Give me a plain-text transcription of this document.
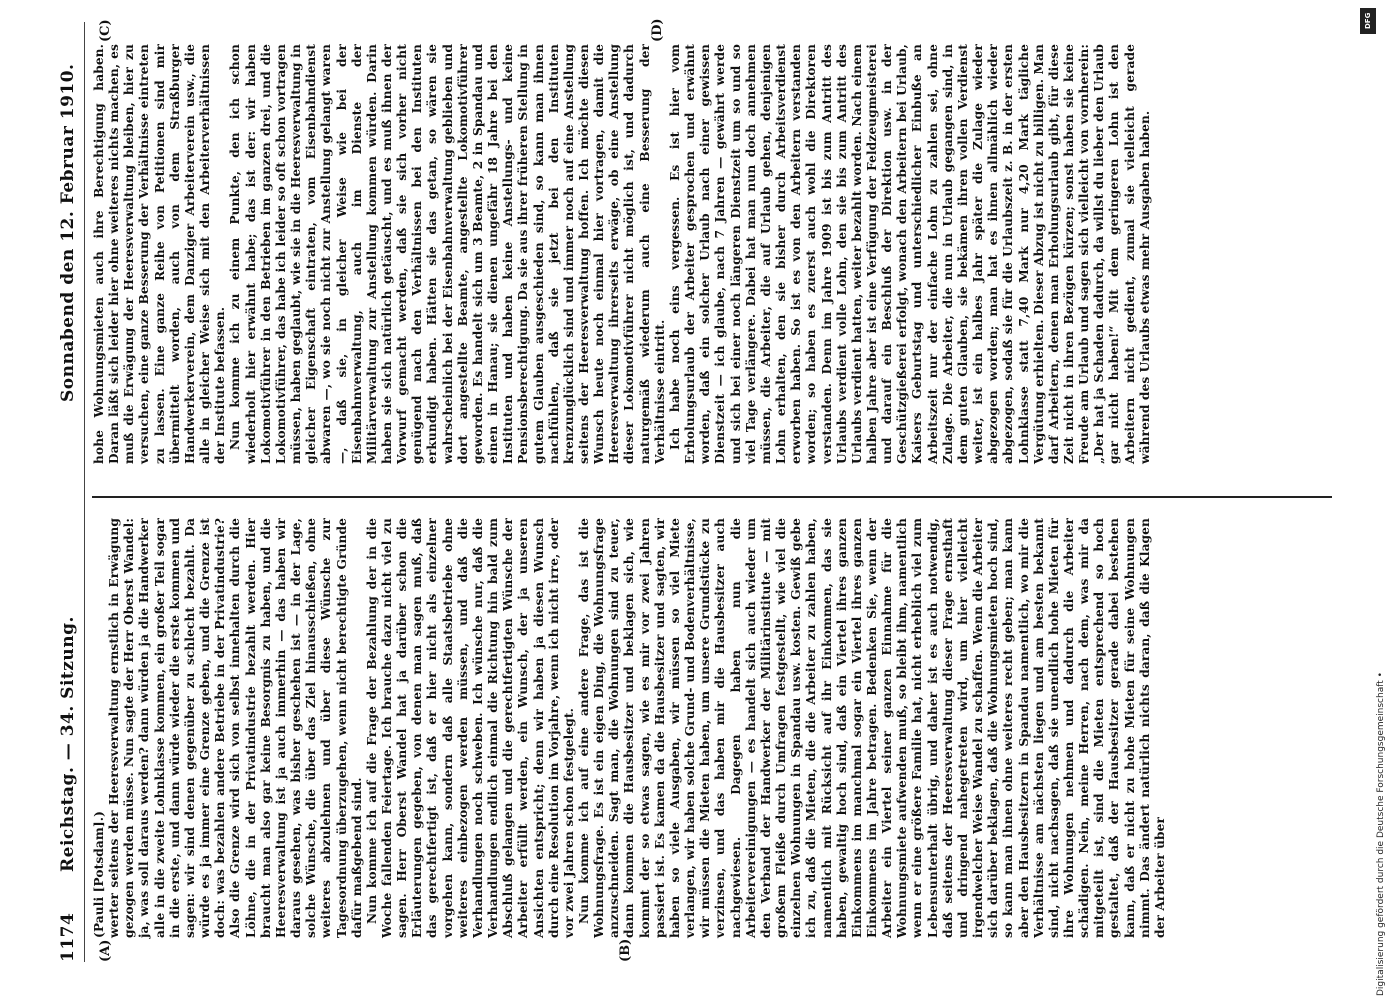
1174
Reichstag. — 34. Sitzung.
Sonnabend den 12. Februar 1910.
(A)	(B)
(C)	(D)

(Pauli [Potsdam].) werter seitens der Heeresverwaltung ernstlich in Erwägung gezogen werden müsse. Nun sagte der Herr Oberst Wandel: ja, was soll daraus werden? dann würden ja die Handwerker alle in die zweite Lohnklasse kommen, ein großer Teil sogar in die erste, und dann würde wieder die erste kommen und sagen: wir sind denen gegenüber zu schlecht bezahlt. Da würde es ja immer eine Grenze geben, und die Grenze ist doch: was bezahlen andere Betriebe in der Privatindustrie? Also die Grenze wird sich von selbst innehalten durch die Löhne, die in der Privatindustrie bezahlt werden. Hier braucht man also gar keine Besorgnis zu haben, und die Heeresverwaltung ist ja auch immerhin — das haben wir daraus gesehen, was bisher geschehen ist — in der Lage, solche Wünsche, die über das Ziel hinausschießen, ohne weiteres abzulehnen und über diese Wünsche zur Tagesordnung überzugehen, wenn nicht berechtigte Gründe dafür maßgebend sind. Nun komme ich auf die Frage der Bezahlung der in die Woche fallenden Feiertage. Ich brauche dazu nicht viel zu sagen. Herr Oberst Wandel hat ja darüber schon die Erläuterungen gegeben, von denen man sagen muß, daß das gerechtfertigt ist, daß er hier nicht als einzelner vorgehen kann, sondern daß alle Staatsbetriebe ohne weiteres einbezogen werden müssen, und daß die Verhandlungen noch schweben. Ich wünsche nur, daß die Verhandlungen endlich einmal die Richtung hin bald zum Abschluß gelangen und die gerechtfertigten Wünsche der Arbeiter erfüllt werden, ein Wunsch, der ja unseren Ansichten entspricht; denn wir haben ja diesen Wunsch durch eine Resolution im Vorjahre, wenn ich nicht irre, oder vor zwei Jahren schon festgelegt. Nun komme ich auf eine andere Frage, das ist die Wohnungsfrage. Es ist ein eigen Ding, die Wohnungsfrage anzuschneiden. Sagt man, die Wohnungen sind zu teuer, dann kommen die Hausbesitzer und beklagen sich, wie kommt der so etwas sagen, wie es mir vor zwei Jahren passiert ist. Es kamen da die Hausbesitzer und sagten, wir haben so viele Ausgaben, wir müssen so viel Miete verlangen, wir haben solche Grund- und Bodenverhältnisse, wir müssen die Mieten haben, um unsere Grundstücke zu verzinsen, und das haben mir die Hausbesitzer auch nachgewiesen. Dagegen haben nun die Arbeitervereinigungen — es handelt sich auch wieder um den Verband der Handwerker der Militärinstitute — mit großem Fleiße durch Umfragen festgestellt, wie viel die einzelnen Wohnungen in Spandau usw. kosten. Gewiß gebe ich zu, daß die Mieten, die die Arbeiter zu zahlen haben, namentlich mit Rücksicht auf ihr Einkommen, das sie haben, gewaltig hoch sind, daß ein Viertel ihres ganzen Einkommens im manchmal sogar ein Viertel ihres ganzen Einkommens im Jahre betragen. Bedenken Sie, wenn der Arbeiter ein Viertel seiner ganzen Einnahme für die Wohnungsmiete aufwenden muß, so bleibt ihm, namentlich wenn er eine größere Familie hat, nicht erheblich viel zum Lebensunterhalt übrig, und daher ist es auch notwendig, daß seitens der Heeresverwaltung dieser Frage ernsthaft und dringend nahegetreten wird, um hier vielleicht irgendwelcher Weise Wandel zu schaffen. Wenn die Arbeiter sich darüber beklagen, daß die Wohnungsmieten hoch sind, so kann man ihnen ohne weiteres recht geben; man kann aber den Hausbesitzern in Spandau namentlich, wo mir die Verhältnisse am nächsten liegen und am besten bekannt sind, nicht nachsagen, daß sie unendlich hohe Mieten für ihre Wohnungen nehmen und dadurch die Arbeiter schädigen. Nein, meine Herren, nach dem, was mir da mitgeteilt ist, sind die Mieten entsprechend so hoch gestaltet, daß der Hausbesitzer gerade dabei bestehen kann, daß er nicht zu hohe Mieten für seine Wohnungen nimmt. Das ändert natürlich nichts daran, daß die Klagen der Arbeiter über

hohe Wohnungsmieten auch ihre Berechtigung haben. Daran läßt sich leider hier ohne weiteres nichts machen, es muß die Erwägung der Heeresverwaltung bleiben, hier zu versuchen, eine ganze Besserung der Verhältnisse eintreten zu lassen. Eine ganze Reihe von Petitionen sind mir übermittelt worden, auch von dem Straßburger Handwerkerverein, dem Danziger Arbeiterverein usw., die alle in gleicher Weise sich mit den Arbeiterverhältnissen der Institute befassen. Nun komme ich zu einem Punkte, den ich schon wiederholt hier erwähnt habe; das ist der: wir haben Lokomotivführer in den Betrieben im ganzen drei, und die Lokomotivführer, das habe ich leider so oft schon vortragen müssen, haben geglaubt, wie sie in die Heeresverwaltung in gleicher Eigenschaft eintraten, vom Eisenbahndienst abwaren —, wo sie noch nicht zur Anstellung gelangt waren —, daß sie, in gleicher Weise wie bei der Eisenbahnverwaltung, auch im Dienste der Militärverwaltung zur Anstellung kommen würden. Darin haben sie sich natürlich getäuscht, und es muß ihnen der Vorwurf gemacht werden, daß sie sich vorher nicht genügend nach den Verhältnissen bei den Instituten erkundigt haben. Hätten sie das getan, so wären sie wahrscheinlich bei der Eisenbahnverwaltung geblieben und dort angestellte Beamte, angestellte Lokomotivführer geworden. Es handelt sich um 3 Beamte, 2 in Spandau und einen in Hanau; sie dienen ungefähr 18 Jahre bei den Instituten und haben keine Anstellungs- und keine Pensionsberechtigung. Da sie aus ihrer früheren Stellung in gutem Glauben ausgeschieden sind, so kann man ihnen nachfühlen, daß sie jetzt bei den Instituten krenzunglücklich sind und immer noch auf eine Anstellung seitens der Heeresverwaltung hoffen. Ich möchte diesen Wunsch heute noch einmal hier vortragen, damit die Heeresverwaltung ihrerseits erwäge, ob eine Anstellung dieser Lokomotivführer nicht möglich ist, und dadurch naturgemäß wiederum auch eine Besserung der Verhältnisse eintritt. Ich habe noch eins vergessen. Es ist hier vom Erholungsurlaub der Arbeiter gesprochen und erwähnt worden, daß ein solcher Urlaub nach einer gewissen Dienstzeit — ich glaube, nach 7 Jahren — gewährt werde und sich bei einer noch längeren Dienstzeit um so und so viel Tage verlängere. Dabei hat man nun doch annehmen müssen, die Arbeiter, die auf Urlaub gehen, denjenigen Lohn erhalten, den sie bisher durch Arbeitsverdienst erworben haben. So ist es von den Arbeitern verstanden worden; so haben es zuerst auch wohl die Direktoren verstanden. Denn im Jahre 1909 ist bis zum Antritt des Urlaubs verdient volle Lohn, den sie bis zum Antritt des Urlaubs verdient hatten, weiter bezahlt worden. Nach einem halben Jahre aber ist eine Verfügung der Feldzeugmeisterei und darauf ein Beschluß der Direktion usw. in der Geschützgießerei erfolgt, wonach den Arbeitern bei Urlaub, Kaisers Geburtstag und unterschiedlicher Einbuße an Arbeitszeit nur der einfache Lohn zu zahlen sei, ohne Zulage. Die Arbeiter, die nun in Urlaub gegangen sind, in dem guten Glauben, sie bekämen ihren vollen Verdienst weiter, ist ein halbes Jahr später die Zulage wieder abgezogen worden; man hat es ihnen allmählich wieder abgezogen, sodaß sie für die Urlaubszeit z. B. in der ersten Lohnklasse statt 7,40 Mark nur 4,20 Mark tägliche Vergütung erhielten. Dieser Abzug ist nicht zu billigen. Man darf Arbeitern, denen man Erholungsurlaub gibt, für diese Zeit nicht in ihren Bezügen kürzen; sonst haben sie keine Freude am Urlaub und sagen sich vielleicht von vornherein: „Der hat ja Schaden dadurch, da willst du lieber den Urlaub gar nicht haben!“ Mit dem geringeren Lohn ist den Arbeitern nicht gedient, zumal sie vielleicht gerade während des Urlaubs etwas mehr Ausgaben haben.

DFG
Digitalisierung gefördert durch die Deutsche Forschungsgemeinschaft •
